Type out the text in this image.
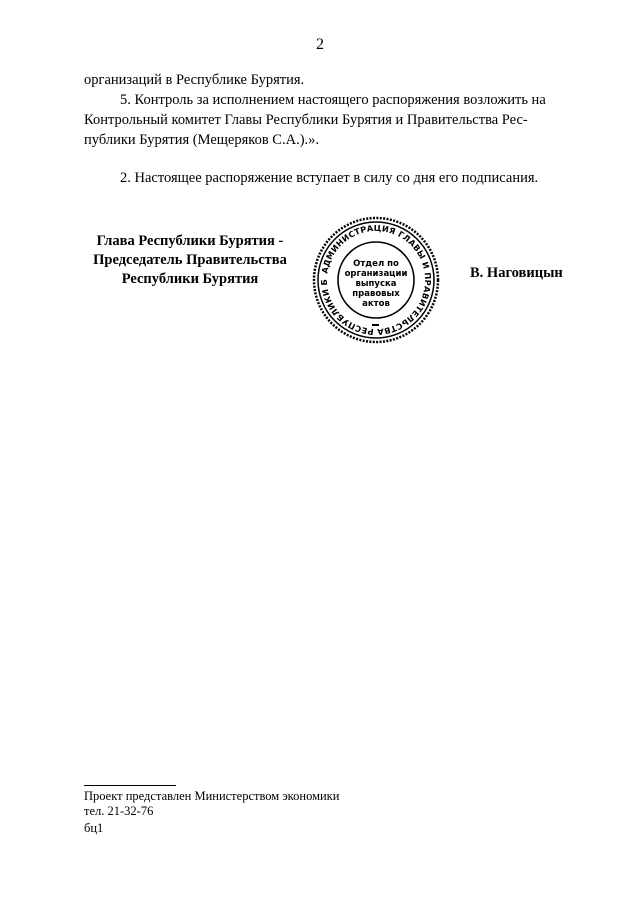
2

организаций в Республике Бурятия.

5. Контроль за исполнением настоящего распоряжения возложить на

Контрольный комитет Главы Республики Бурятия и Правительства Рес-

публики Бурятия (Мещеряков С.А.).».

2. Настоящее распоряжение вступает в силу со дня его подписания.

Глава Республики Бурятия -
Председатель Правительства
Республики Бурятия
АДМИНИСТРАЦИЯ ГЛАВЫ И ПРАВИТЕЛЬСТВА РЕСПУБЛИКИ Б
Отдел по
организации
выпуска
правовых
актов
В. Наговицын
Проект представлен Министерством экономики
тел. 21-32-76
бц1
